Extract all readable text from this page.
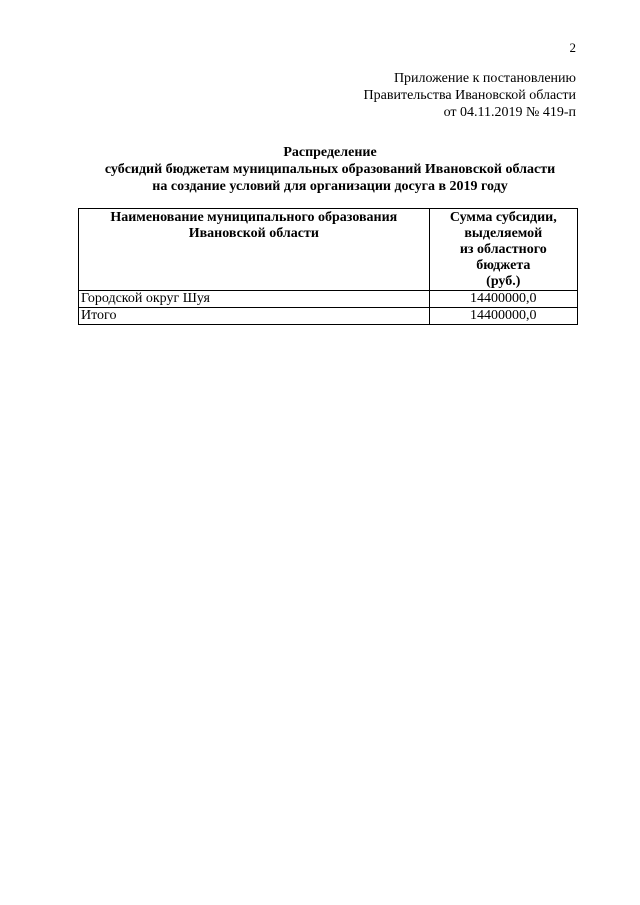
2
Приложение к постановлению
Правительства Ивановской области
от 04.11.2019 № 419-п
Распределение
субсидий бюджетам муниципальных образований Ивановской области
на создание условий для организации досуга в 2019 году
Наименование муниципального образования Ивановской области	Сумма субсидии,
выделяемой
из областного
бюджета
(руб.)

Городской округ Шуя	14400000,0
Итого	14400000,0
